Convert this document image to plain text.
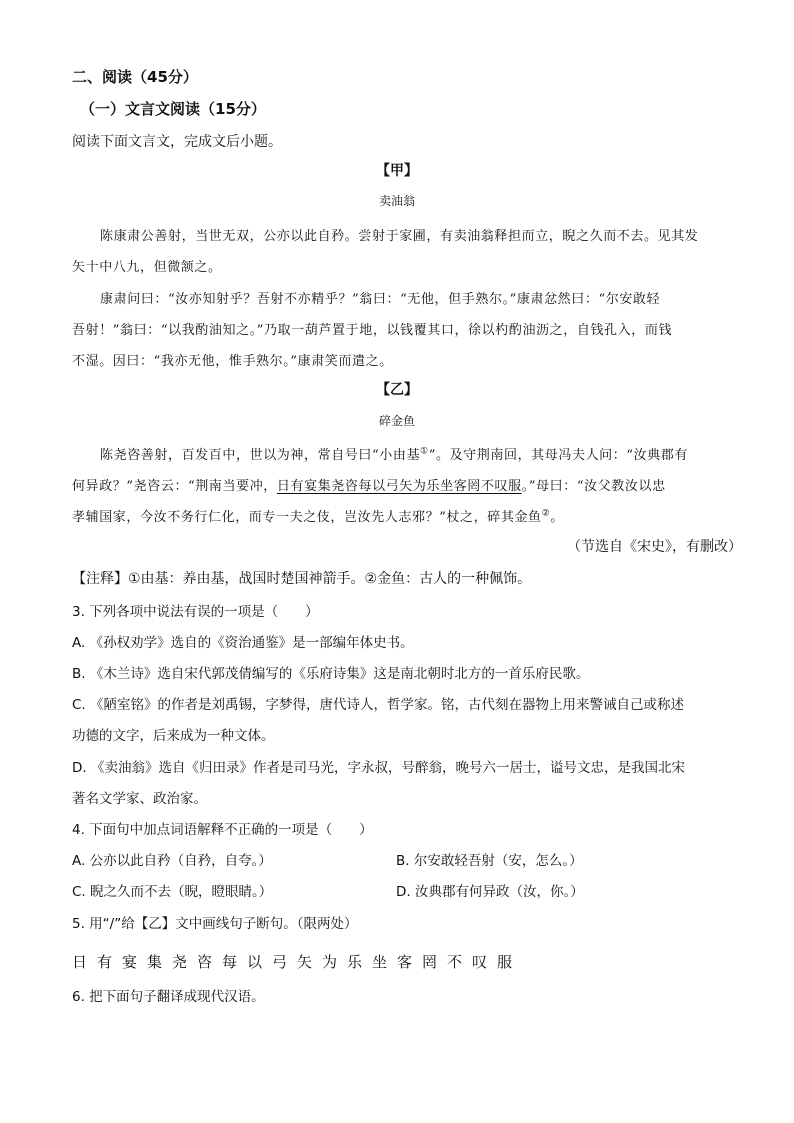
二、阅读（45分）
（一）文言文阅读（15分）
阅读下面文言文，完成文后小题。
【甲】
卖油翁
陈康肃公善射，当世无双，公亦以此自矜。尝射于家圃，有卖油翁释担而立，睨之久而不去。见其发
矢十中八九，但微颔之。
康肃问曰：“汝亦知射乎？吾射不亦精乎？”翁曰：“无他，但手熟尔。”康肃忿然曰：“尔安敢轻
吾射！”翁曰：“以我酌油知之。”乃取一葫芦置于地，以钱覆其口，徐以杓酌油沥之，自钱孔入，而钱
不湿。因曰：“我亦无他，惟手熟尔。”康肃笑而遣之。
【乙】
碎金鱼
陈尧咨善射，百发百中，世以为神，常自号曰“小由基①”。及守荆南回，其母冯夫人问：“汝典郡有
何异政？”尧咨云：“荆南当要冲，日有宴集尧咨每以弓矢为乐坐客罔不叹服。”母曰：“汝父教汝以忠
孝辅国家，今汝不务行仁化，而专一夫之伎，岂汝先人志邪？”杖之，碎其金鱼②。
（节选自《宋史》，有删改）
【注释】①由基：养由基，战国时楚国神箭手。②金鱼：古人的一种佩饰。
3. 下列各项中说法有误的一项是（　　）
A. 《孙权劝学》选自的《资治通鉴》是一部编年体史书。
B. 《木兰诗》选自宋代郭茂倩编写的《乐府诗集》这是南北朝时北方的一首乐府民歌。
C. 《陋室铭》的作者是刘禹锡，字梦得，唐代诗人，哲学家。铭，古代刻在器物上用来警诫自己或称述
功德的文字，后来成为一种文体。
D. 《卖油翁》选自《归田录》作者是司马光，字永叔，号醉翁，晚号六一居士，谥号文忠，是我国北宋
著名文学家、政治家。
4. 下面句中加点词语解释不正确的一项是（　　）
A. 公亦以此自矜（自矜，自夸。）	B. 尔安敢轻吾射（安，怎么。）
C. 睨之久而不去（睨，瞪眼睛。）	D. 汝典郡有何异政（汝，你。）
5. 用“/”给【乙】文中画线句子断句。（限两处）
日有宴集尧咨每以弓矢为乐坐客罔不叹服
6. 把下面句子翻译成现代汉语。
